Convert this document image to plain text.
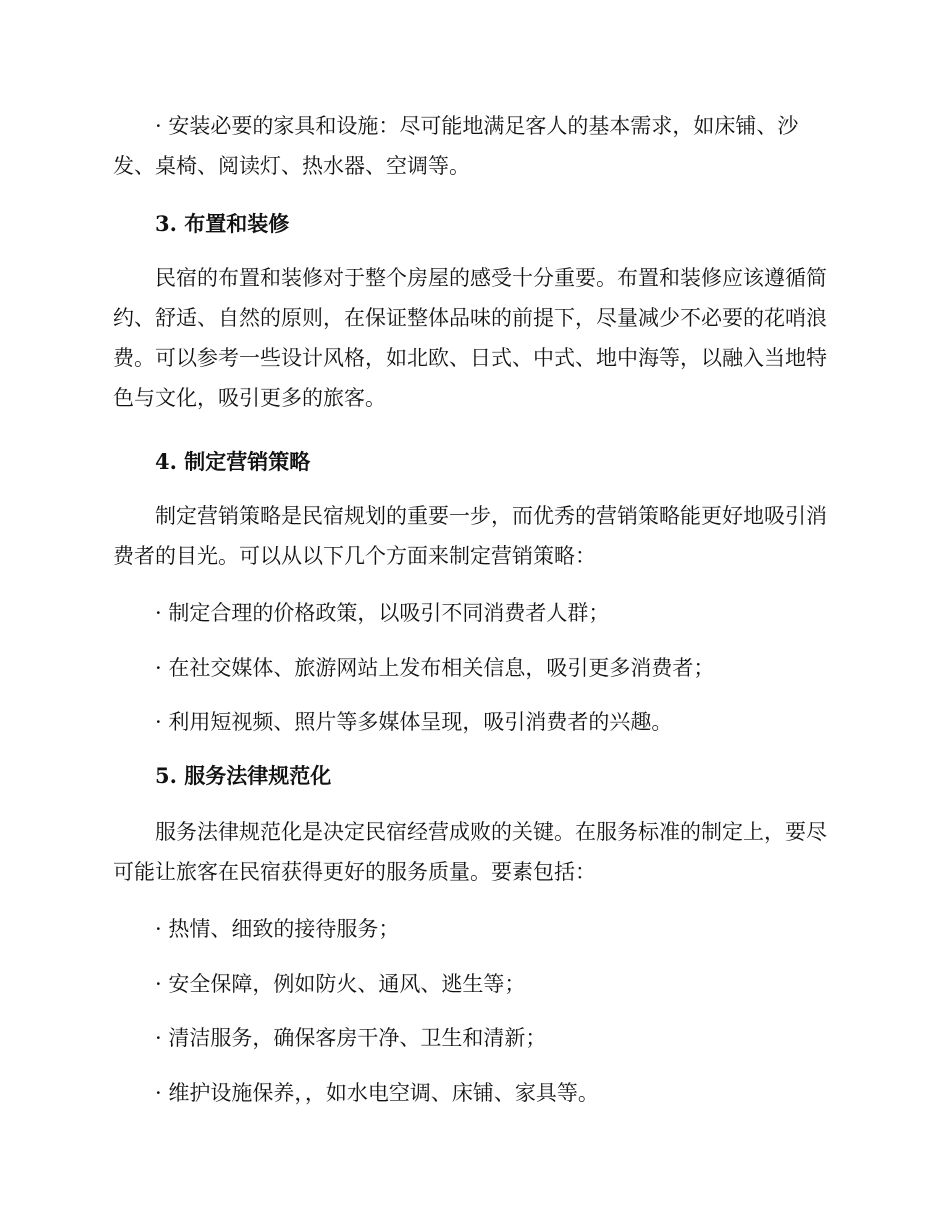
· 安装必要的家具和设施：尽可能地满足客人的基本需求，如床铺、沙发、桌椅、阅读灯、热水器、空调等。

3. 布置和装修

民宿的布置和装修对于整个房屋的感受十分重要。布置和装修应该遵循简约、舒适、自然的原则，在保证整体品味的前提下，尽量减少不必要的花哨浪费。可以参考一些设计风格，如北欧、日式、中式、地中海等，以融入当地特色与文化，吸引更多的旅客。

4. 制定营销策略

制定营销策略是民宿规划的重要一步，而优秀的营销策略能更好地吸引消费者的目光。可以从以下几个方面来制定营销策略：

· 制定合理的价格政策，以吸引不同消费者人群；

· 在社交媒体、旅游网站上发布相关信息，吸引更多消费者；

· 利用短视频、照片等多媒体呈现，吸引消费者的兴趣。

5. 服务法律规范化

服务法律规范化是决定民宿经营成败的关键。在服务标准的制定上，要尽可能让旅客在民宿获得更好的服务质量。要素包括：

· 热情、细致的接待服务；

· 安全保障，例如防火、通风、逃生等；

· 清洁服务，确保客房干净、卫生和清新；

· 维护设施保养，，如水电空调、床铺、家具等。
